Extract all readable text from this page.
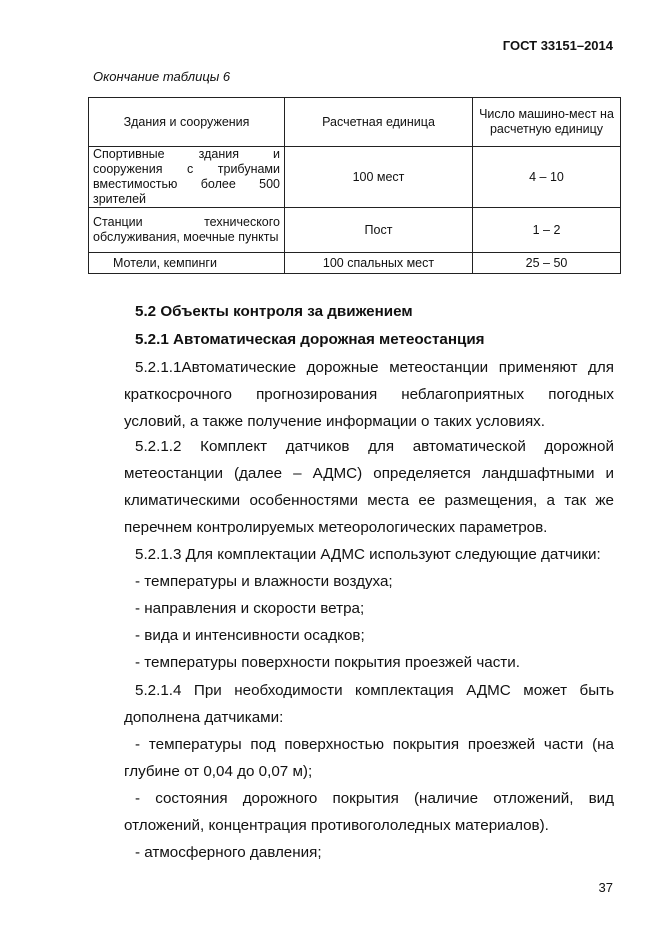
ГОСТ 33151–2014
Окончание таблицы 6
Здания и сооружения	Расчетная единица	Число машино-мест на расчетную единицу
Спортивные здания и сооружения с трибунами вместимостью более 500 зрителей	100 мест	4 – 10
Станции технического обслуживания, моечные пункты	Пост	1 – 2
Мотели, кемпинги	100 спальных мест	25 – 50
5.2 Объекты контроля за движением
5.2.1 Автоматическая дорожная метеостанция
5.2.1.1Автоматические дорожные метеостанции применяют для краткосрочного прогнозирования неблагоприятных погодных условий, а также получение информации о таких условиях.
5.2.1.2 Комплект датчиков для автоматической дорожной метеостанции (далее – АДМС) определяется ландшафтными и климатическими особенностями места ее размещения, а так же перечнем контролируемых метеорологических параметров.
5.2.1.3 Для комплектации АДМС используют следующие датчики:
- температуры и влажности воздуха;
- направления и скорости ветра;
- вида и интенсивности осадков;
- температуры поверхности покрытия проезжей части.
5.2.1.4 При необходимости комплектация АДМС может быть дополнена датчиками:
- температуры под поверхностью покрытия проезжей части (на глубине от 0,04 до 0,07 м);
- состояния дорожного покрытия (наличие отложений, вид отложений, концентрация противогололедных материалов).
- атмосферного давления;
37
